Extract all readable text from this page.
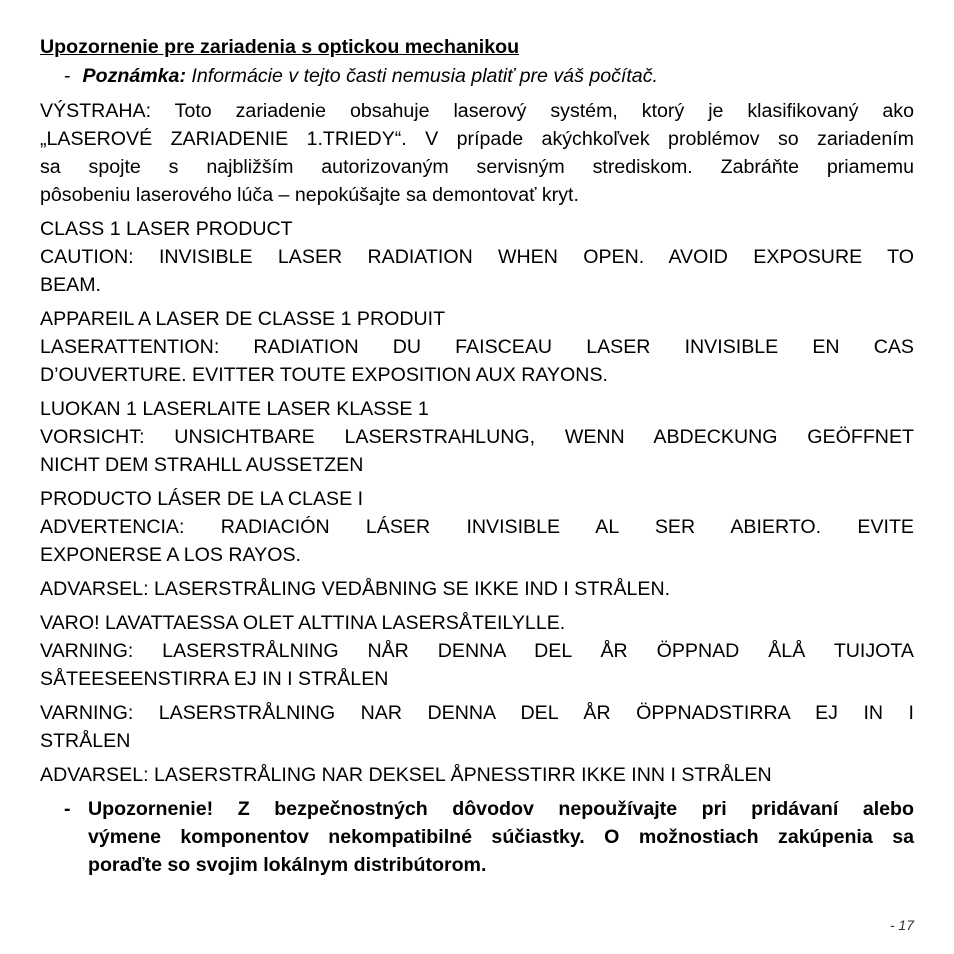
Upozornenie pre zariadenia s optickou mechanikou
- Poznámka: Informácie v tejto časti nemusia platiť pre váš počítač.
VÝSTRAHA: Toto zariadenie obsahuje laserový systém, ktorý je klasifikovaný ako
„LASEROVÉ ZARIADENIE 1.TRIEDY“. V prípade akýchkoľvek problémov so zariadením
sa spojte s najbližším autorizovaným servisným strediskom. Zabráňte priamemu
pôsobeniu laserového lúča – nepokúšajte sa demontovať kryt.
CLASS 1 LASER PRODUCT
CAUTION: INVISIBLE LASER RADIATION WHEN OPEN. AVOID EXPOSURE TO
BEAM.
APPAREIL A LASER DE CLASSE 1 PRODUIT
LASERATTENTION: RADIATION DU FAISCEAU LASER INVISIBLE EN CAS
D’OUVERTURE. EVITTER TOUTE EXPOSITION AUX RAYONS.
LUOKAN 1 LASERLAITE LASER KLASSE 1
VORSICHT: UNSICHTBARE LASERSTRAHLUNG, WENN ABDECKUNG GEÖFFNET
NICHT DEM STRAHLL AUSSETZEN
PRODUCTO LÁSER DE LA CLASE I
ADVERTENCIA: RADIACIÓN LÁSER INVISIBLE AL SER ABIERTO. EVITE
EXPONERSE A LOS RAYOS.
ADVARSEL: LASERSTRÅLING VEDÅBNING SE IKKE IND I STRÅLEN.
VARO! LAVATTAESSA OLET ALTTINA LASERSÅTEILYLLE.
VARNING: LASERSTRÅLNING NÅR DENNA DEL ÅR ÖPPNAD ÅLÅ TUIJOTA
SÅTEESEENSTIRRA EJ IN I STRÅLEN
VARNING: LASERSTRÅLNING NAR DENNA DEL ÅR ÖPPNADSTIRRA EJ IN I
STRÅLEN
ADVARSEL: LASERSTRÅLING NAR DEKSEL ÅPNESSTIRR IKKE INN I STRÅLEN
- Upozornenie! Z bezpečnostných dôvodov nepoužívajte pri pridávaní alebo
výmene komponentov nekompatibilné súčiastky. O možnostiach zakúpenia sa
poraďte so svojim lokálnym distribútorom.
- 17
